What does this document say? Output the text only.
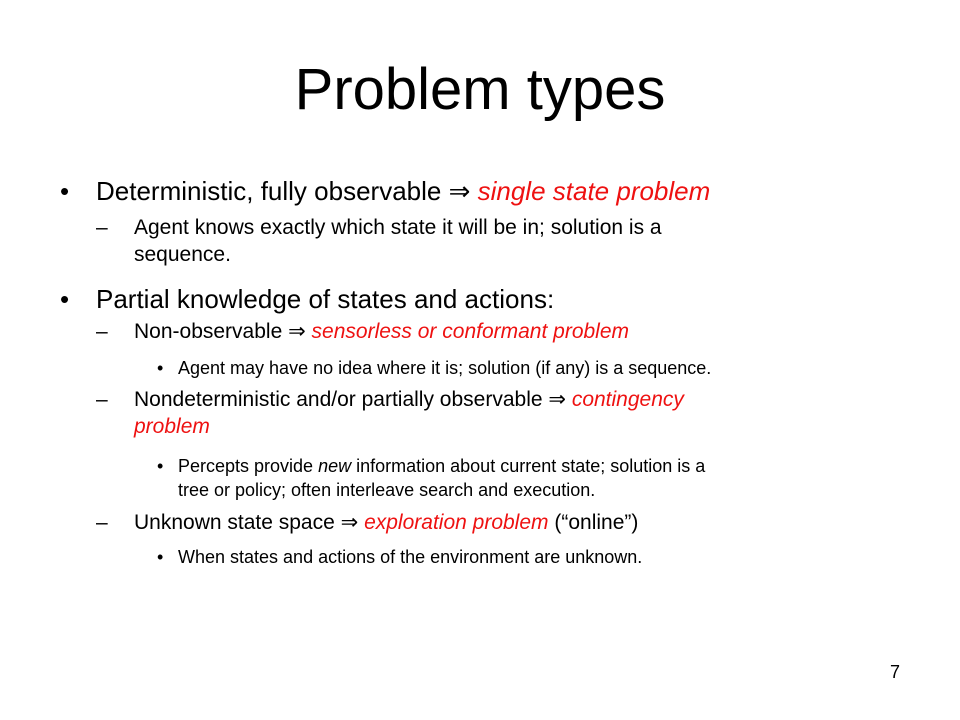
Problem types
• Deterministic, fully observable ⇒ single state problem
– Agent knows exactly which state it will be in; solution is a
sequence.
• Partial knowledge of states and actions:
– Non-observable ⇒ sensorless or conformant problem
• Agent may have no idea where it is; solution (if any) is a sequence.
– Nondeterministic and/or partially observable ⇒ contingency
problem
• Percepts provide new information about current state; solution is a
tree or policy; often interleave search and execution.
– Unknown state space ⇒ exploration problem (“online”)
• When states and actions of the environment are unknown.
7
